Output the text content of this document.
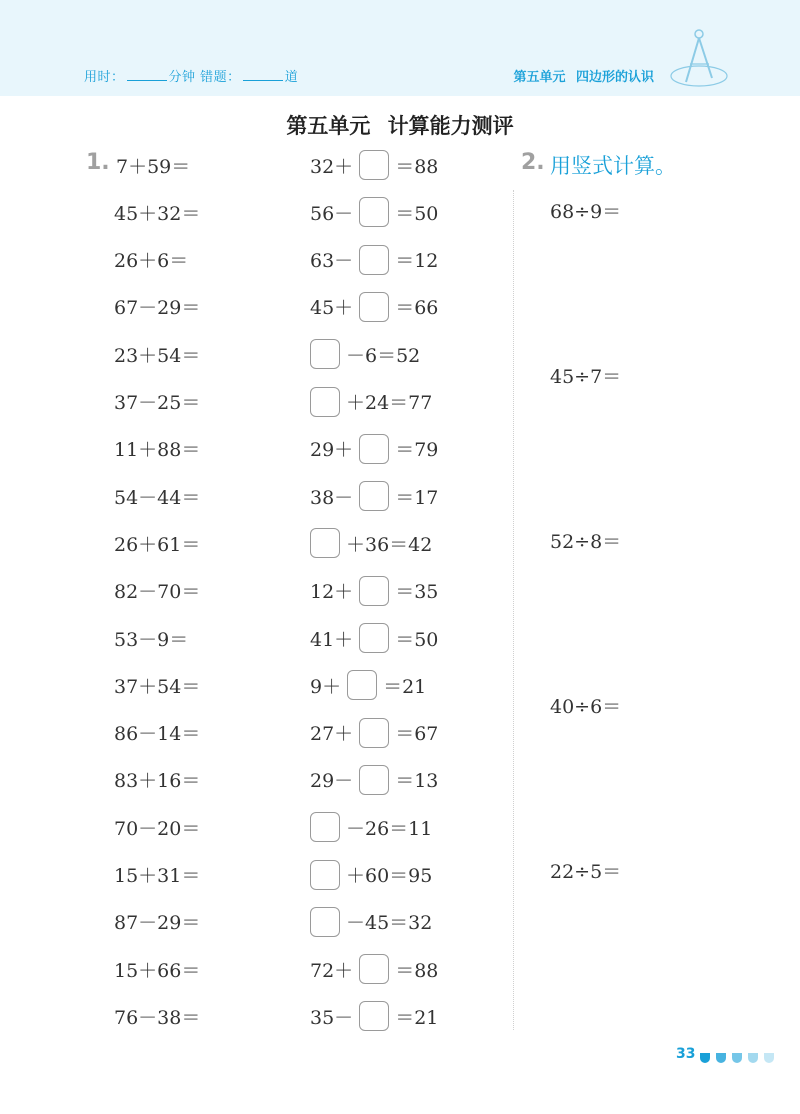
用时：	分钟 错题：	道	第五单元 四边形的认识
第五单元 计算能力测评
1.	2. 用竖式计算。
7＋59＝
45＋32＝
26＋6＝
67－29＝
23＋54＝
37－25＝
11＋88＝
54－44＝
26＋61＝
82－70＝
53－9＝
37＋54＝
86－14＝
83＋16＝
70－20＝
15＋31＝
87－29＝
15＋66＝
76－38＝
32＋ ＝88
56－ ＝50
63－ ＝12
45＋ ＝66
－6＝52
＋24＝77
29＋ ＝79
38－ ＝17
＋36＝42
12＋ ＝35
41＋ ＝50
9＋ ＝21
27＋ ＝67
29－ ＝13
－26＝11
＋60＝95
－45＝32
72＋ ＝88
35－ ＝21
68÷9＝
45÷7＝
52÷8＝
40÷6＝
22÷5＝
33
